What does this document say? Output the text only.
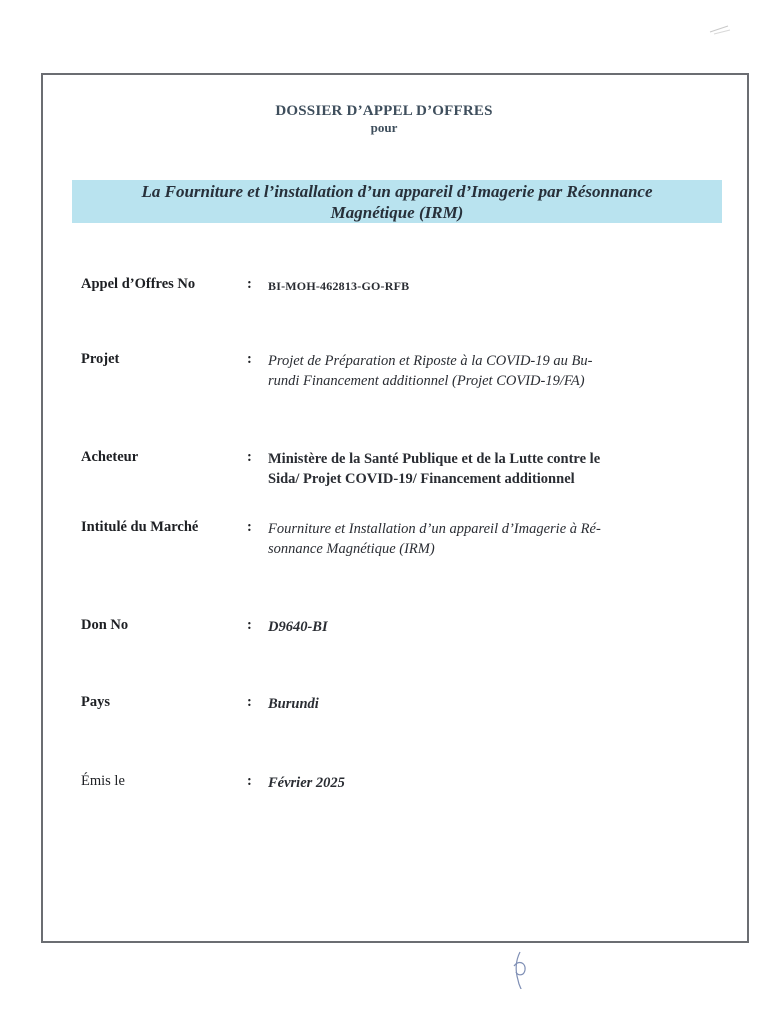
DOSSIER D’APPEL D’OFFRES
pour
La Fourniture et l’installation d’un appareil d’Imagerie par Résonnance
Magnétique (IRM)
Appel d’Offres No	: BI-MOH-462813-GO-RFB
Projet	: Projet de Préparation et Riposte à la COVID-19 au Bu-
rundi Financement additionnel (Projet COVID-19/FA)
Acheteur	: Ministère de la Santé Publique et de la Lutte contre le
Sida/ Projet COVID-19/ Financement additionnel
Intitulé du Marché	: Fourniture et Installation d’un appareil d’Imagerie à Ré-
sonnance Magnétique (IRM)
Don No	: D9640-BI
Pays	: Burundi
Émis le	: Février 2025
